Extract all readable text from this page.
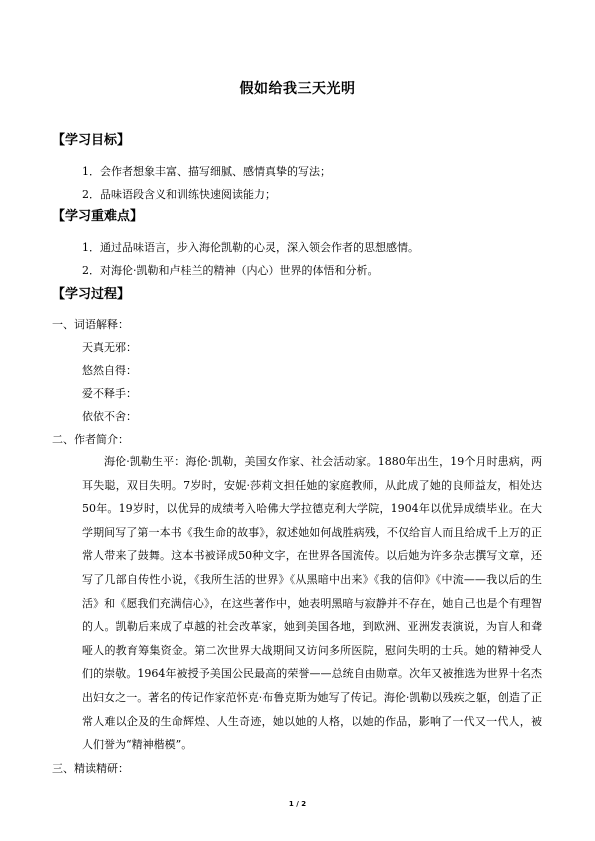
假如给我三天光明
【学习目标】
1．会作者想象丰富、描写细腻、感情真挚的写法；
2．品味语段含义和训练快速阅读能力；
【学习重难点】
1．通过品味语言，步入海伦凯勒的心灵，深入领会作者的思想感情。
2．对海伦·凯勒和卢桂兰的精神（内心）世界的体悟和分析。
【学习过程】
一、词语解释：
天真无邪：
悠然自得：
爱不释手：
依依不舍：
二、作者简介：
海伦·凯勒生平：海伦·凯勒，美国女作家、社会活动家。1880年出生，19个月时患病，两耳失聪，双目失明。7岁时，安妮·莎莉文担任她的家庭教师，从此成了她的良师益友，相处达50年。19岁时，以优异的成绩考入哈佛大学拉德克利大学院，1904年以优异成绩毕业。在大学期间写了第一本书《我生命的故事》，叙述她如何战胜病残，不仅给盲人而且给成千上万的正常人带来了鼓舞。这本书被译成50种文字，在世界各国流传。以后她为许多杂志撰写文章，还写了几部自传性小说，《我所生活的世界》《从黑暗中出来》《我的信仰》《中流——我以后的生活》和《愿我们充满信心》，在这些著作中，她表明黑暗与寂静并不存在，她自己也是个有理智的人。凯勒后来成了卓越的社会改革家，她到美国各地，到欧洲、亚洲发表演说，为盲人和聋哑人的教育筹集资金。第二次世界大战期间又访问多所医院，慰问失明的士兵。她的精神受人们的崇敬。1964年被授予美国公民最高的荣誉——总统自由勋章。次年又被推选为世界十名杰出妇女之一。著名的传记作家范怀克·布鲁克斯为她写了传记。海伦·凯勒以残疾之躯，创造了正常人难以企及的生命辉煌、人生奇迹，她以她的人格，以她的作品，影响了一代又一代人，被人们誉为“精神楷模”。
三、精读精研：
1 / 2
